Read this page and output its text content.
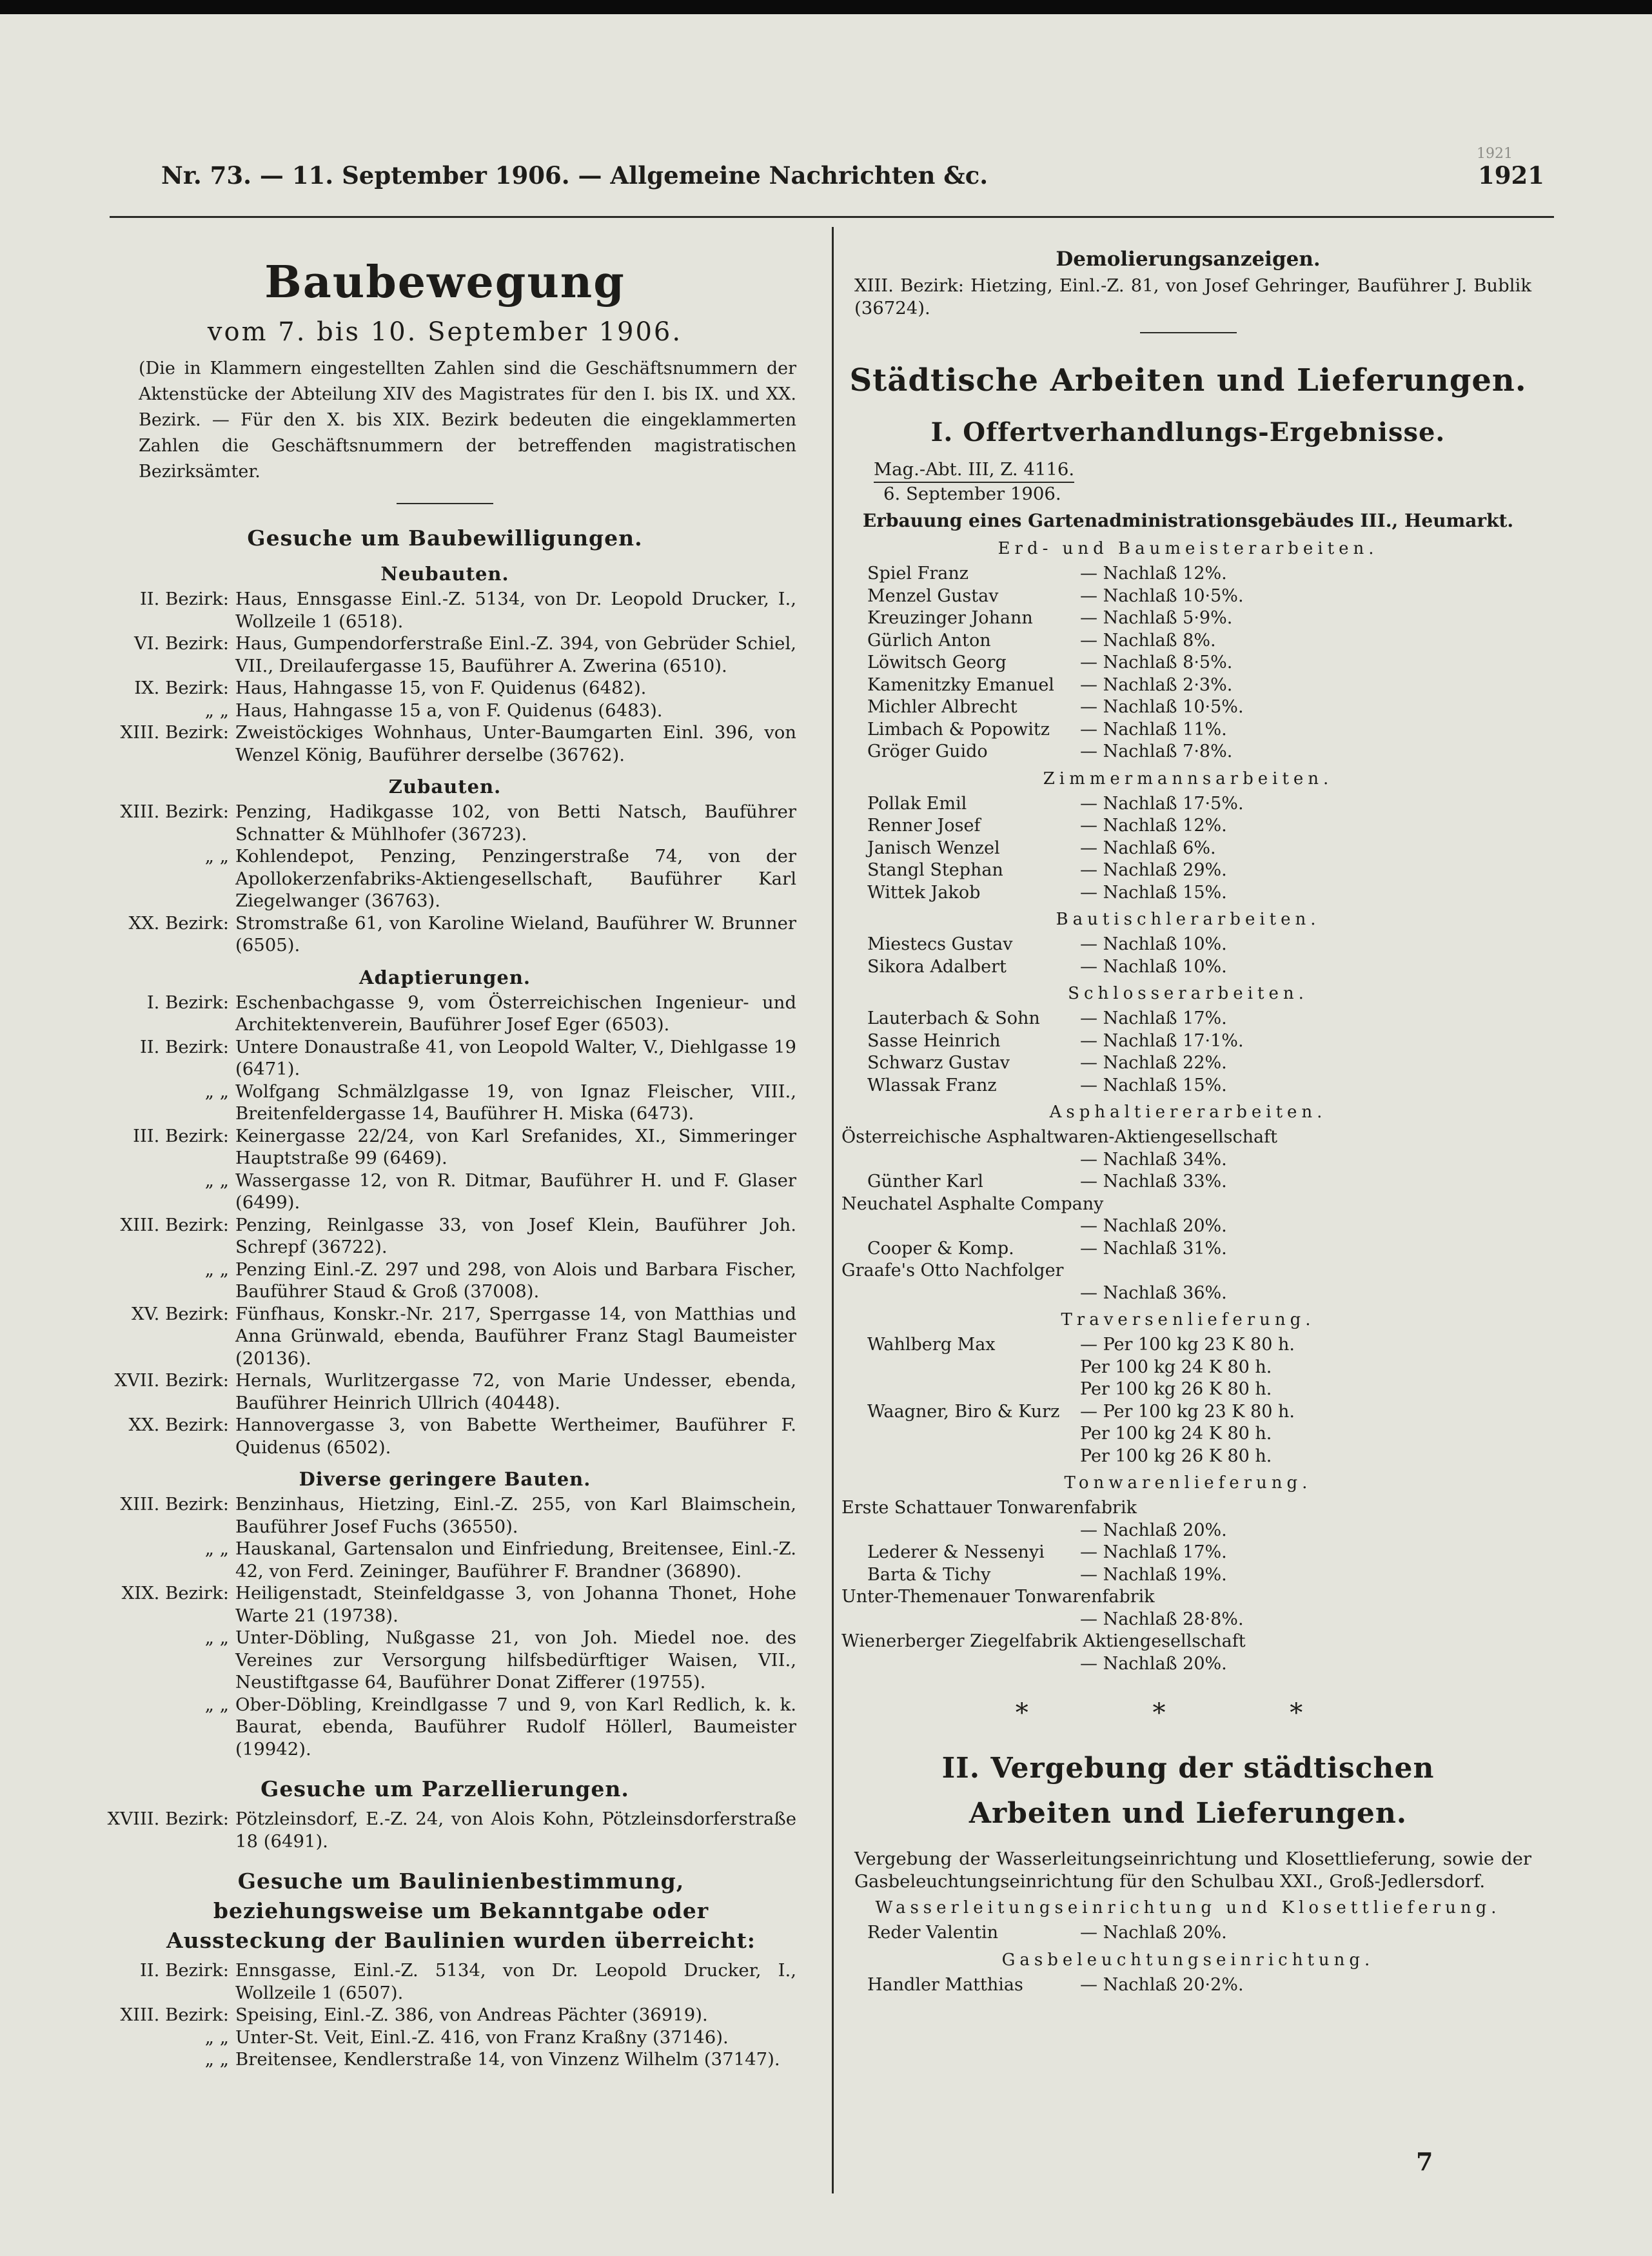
1921
Nr. 73. — 11. September 1906. — Allgemeine Nachrichten &c.	1921
Baubewegung
vom 7. bis 10. September 1906.
(Die in Klammern eingestellten Zahlen sind die Geschäftsnummern der Aktenstücke der Abteilung XIV des Magistrates für den I. bis IX. und XX. Bezirk. — Für den X. bis XIX. Bezirk bedeuten die eingeklammerten Zahlen die Geschäftsnummern der betreffenden magistratischen Bezirksämter.
Gesuche um Baubewilligungen.
Neubauten.
II. Bezirk: Haus, Ennsgasse Einl.-Z. 5134, von Dr. Leopold Drucker, I., Wollzeile 1 (6518).
VI. Bezirk: Haus, Gumpendorferstraße Einl.-Z. 394, von Gebrüder Schiel, VII., Dreilaufergasse 15, Bauführer A. Zwerina (6510).
IX. Bezirk: Haus, Hahngasse 15, von F. Quidenus (6482).
„ „ Haus, Hahngasse 15 a, von F. Quidenus (6483).
XIII. Bezirk: Zweistöckiges Wohnhaus, Unter-Baumgarten Einl. 396, von Wenzel König, Bauführer derselbe (36762).
Zubauten.
XIII. Bezirk: Penzing, Hadikgasse 102, von Betti Natsch, Bauführer Schnatter & Mühlhofer (36723).
„ „ Kohlendepot, Penzing, Penzingerstraße 74, von der Apollokerzenfabriks-Aktiengesellschaft, Bauführer Karl Ziegelwanger (36763).
XX. Bezirk: Stromstraße 61, von Karoline Wieland, Bauführer W. Brunner (6505).
Adaptierungen.
I. Bezirk: Eschenbachgasse 9, vom Österreichischen Ingenieur- und Architektenverein, Bauführer Josef Eger (6503).
II. Bezirk: Untere Donaustraße 41, von Leopold Walter, V., Diehlgasse 19 (6471).
„ „ Wolfgang Schmälzlgasse 19, von Ignaz Fleischer, VIII., Breitenfeldergasse 14, Bauführer H. Miska (6473).
III. Bezirk: Keinergasse 22/24, von Karl Srefanides, XI., Simmeringer Hauptstraße 99 (6469).
„ „ Wassergasse 12, von R. Ditmar, Bauführer H. und F. Glaser (6499).
XIII. Bezirk: Penzing, Reinlgasse 33, von Josef Klein, Bauführer Joh. Schrepf (36722).
„ „ Penzing Einl.-Z. 297 und 298, von Alois und Barbara Fischer, Bauführer Staud & Groß (37008).
XV. Bezirk: Fünfhaus, Konskr.-Nr. 217, Sperrgasse 14, von Matthias und Anna Grünwald, ebenda, Bauführer Franz Stagl Baumeister (20136).
XVII. Bezirk: Hernals, Wurlitzergasse 72, von Marie Undesser, ebenda, Bauführer Heinrich Ullrich (40448).
XX. Bezirk: Hannovergasse 3, von Babette Wertheimer, Bauführer F. Quidenus (6502).
Diverse geringere Bauten.
XIII. Bezirk: Benzinhaus, Hietzing, Einl.-Z. 255, von Karl Blaimschein, Bauführer Josef Fuchs (36550).
„ „ Hauskanal, Gartensalon und Einfriedung, Breitensee, Einl.-Z. 42, von Ferd. Zeininger, Bauführer F. Brandner (36890).
XIX. Bezirk: Heiligenstadt, Steinfeldgasse 3, von Johanna Thonet, Hohe Warte 21 (19738).
„ „ Unter-Döbling, Nußgasse 21, von Joh. Miedel noe. des Vereines zur Versorgung hilfsbedürftiger Waisen, VII., Neustiftgasse 64, Bauführer Donat Zifferer (19755).
„ „ Ober-Döbling, Kreindlgasse 7 und 9, von Karl Redlich, k. k. Baurat, ebenda, Bauführer Rudolf Höllerl, Baumeister (19942).
Gesuche um Parzellierungen.
XVIII. Bezirk: Pötzleinsdorf, E.-Z. 24, von Alois Kohn, Pötzleinsdorferstraße 18 (6491).
Gesuche um Baulinienbestimmung, beziehungsweise um Bekanntgabe oder Aussteckung der Baulinien wurden überreicht:
II. Bezirk: Ennsgasse, Einl.-Z. 5134, von Dr. Leopold Drucker, I., Wollzeile 1 (6507).
XIII. Bezirk: Speising, Einl.-Z. 386, von Andreas Pächter (36919).
„ „ Unter-St. Veit, Einl.-Z. 416, von Franz Kraßny (37146).
„ „ Breitensee, Kendlerstraße 14, von Vinzenz Wilhelm (37147).
Demolierungsanzeigen.
XIII. Bezirk: Hietzing, Einl.-Z. 81, von Josef Gehringer, Bauführer J. Bublik (36724).
Städtische Arbeiten und Lieferungen.
I. Offertverhandlungs-Ergebnisse.
Mag.-Abt. III, Z. 4116.
6. September 1906.
Erbauung eines Gartenadministrationsgebäudes III., Heumarkt.
Erd- und Baumeisterarbeiten.
Spiel Franz	— Nachlaß 12%.
Menzel Gustav	— Nachlaß 10·5%.
Kreuzinger Johann	— Nachlaß 5·9%.
Gürlich Anton	— Nachlaß 8%.
Löwitsch Georg	— Nachlaß 8·5%.
Kamenitzky Emanuel — Nachlaß 2·3%.
Michler Albrecht	— Nachlaß 10·5%.
Limbach & Popowitz — Nachlaß 11%.
Gröger Guido	— Nachlaß 7·8%.
Zimmermannsarbeiten.
Pollak Emil	— Nachlaß 17·5%.
Renner Josef	— Nachlaß 12%.
Janisch Wenzel	— Nachlaß 6%.
Stangl Stephan	— Nachlaß 29%.
Wittek Jakob	— Nachlaß 15%.
Bautischlerarbeiten.
Miestecs Gustav	— Nachlaß 10%.
Sikora Adalbert	— Nachlaß 10%.
Schlosserarbeiten.
Lauterbach & Sohn — Nachlaß 17%.
Sasse Heinrich	— Nachlaß 17·1%.
Schwarz Gustav	— Nachlaß 22%.
Wlassak Franz	— Nachlaß 15%.
Asphaltiererarbeiten.
Österreichische Asphaltwaren-Aktiengesellschaft
— Nachlaß 34%.
Günther Karl	— Nachlaß 33%.
Neuchatel Asphalte Company
— Nachlaß 20%.
Cooper & Komp.	— Nachlaß 31%.
Graafe's Otto Nachfolger
— Nachlaß 36%.
Traversenlieferung.
Wahlberg Max	— Per 100 kg 23 K 80 h.
Per 100 kg 24 K 80 h.
Per 100 kg 26 K 80 h.
Waagner, Biro & Kurz — Per 100 kg 23 K 80 h.
Per 100 kg 24 K 80 h.
Per 100 kg 26 K 80 h.
Tonwarenlieferung.
Erste Schattauer Tonwarenfabrik
— Nachlaß 20%.
Lederer & Nessenyi — Nachlaß 17%.
Barta & Tichy	— Nachlaß 19%.
Unter-Themenauer Tonwarenfabrik
— Nachlaß 28·8%.
Wienerberger Ziegelfabrik Aktiengesellschaft
— Nachlaß 20%.
* * *
II. Vergebung der städtischen Arbeiten und Lieferungen.
Vergebung der Wasserleitungseinrichtung und Klosettlieferung, sowie der Gasbeleuchtungseinrichtung für den Schulbau XXI., Groß-Jedlersdorf.
Wasserleitungseinrichtung und Klosettlieferung.
Reder Valentin	— Nachlaß 20%.
Gasbeleuchtungseinrichtung.
Handler Matthias	— Nachlaß 20·2%.
7
